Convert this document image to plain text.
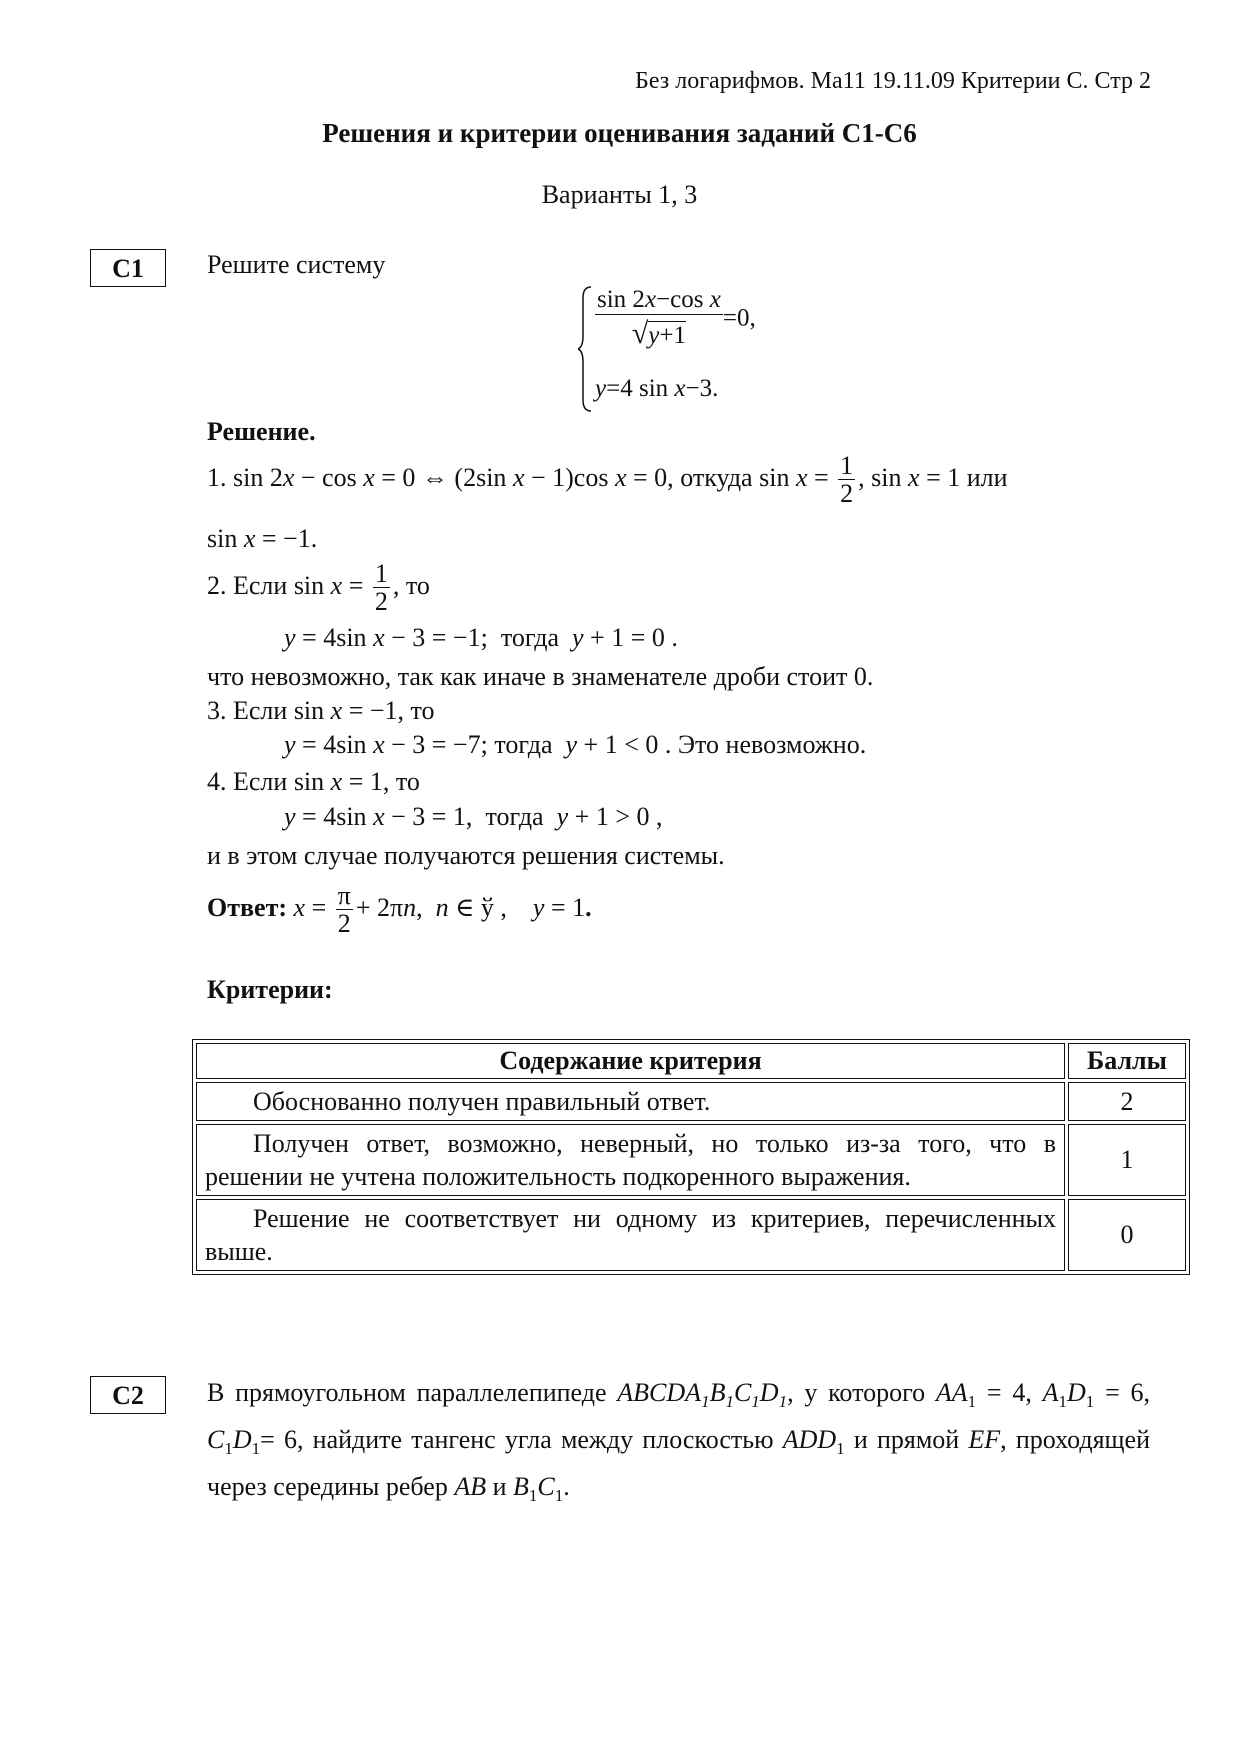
Без логарифмов. Ма11 19.11.09 Критерии С. Стр 2
Решения и критерии оценивания заданий С1-С6
Варианты 1, 3
С1	Решите систему
$\frac{\text{sin 2x−cos x}}{√y+1} =0$,
y=4 sin x−3.
Решение.
1. sin 2x − cos x = 0 ⇔ (2sin x − 1)cos x = 0, откуда $\sin x = \frac{1}{2}$ , sin x = 1 или
sin x = −1.
2. Если $\sin x = \frac{1}{2}$ , то
y = 4sin x − 3 = −1;  тогда y + 1 = 0 .
что невозможно, так как иначе в знаменателе дроби стоит 0.
3. Если sin x = −1, то
y = 4sin x − 3 = −7; тогда y + 1 < 0 . Это невозможно.
4. Если sin x = 1, то
y = 4sin x − 3 = 1,  тогда y + 1 > 0 ,
и в этом случае получаются решения системы.
Ответ: $x = \frac{\pi}{2} + 2\pi n$,  n ∈ ў ,    y = 1.
Критерии:
Содержание критерия	Баллы
Обоснованно получен правильный ответ.	2
Получен ответ, возможно, неверный, но только из-за того, что в решении не учтена положительность подкоренного выражения.	1
Решение не соответствует ни одному из критериев, перечисленных выше.	0
С2	В прямоугольном параллелепипеде $ABCDA_1B_1C_1D_1$, у которого $AA_1 = 4$, $A_1D_1 = 6$, $C_1D_1= 6$, найдите тангенс угла между плоскостью $ADD_1$ и прямой EF, проходящей через середины ребер AB и $B_1C_1$.
